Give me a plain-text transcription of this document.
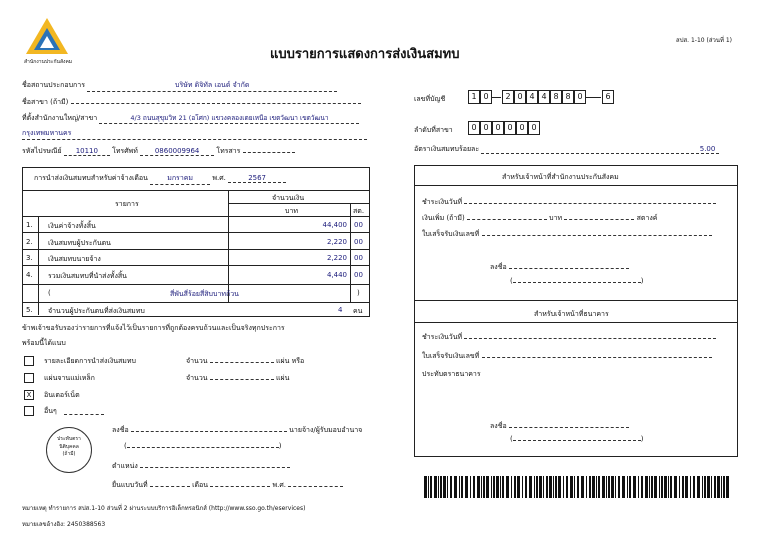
สำนักงานประกันสังคม
สปส. 1-10 (ส่วนที่ 1)
แบบรายการแสดงการส่งเงินสมทบ
ชื่อสถานประกอบการ	บริษัท ดิจิทัล เอนด์ จำกัด
ชื่อสาขา (ถ้ามี)
ที่ตั้งสำนักงานใหญ่/สาขา	4/3 ถนนสุขุมวิท 21 (อโศก) แขวงคลองเตยเหนือ เขตวัฒนา เขตวัฒนา
กรุงเทพมหานคร
รหัสไปรษณีย์ 10110 โทรศัพท์ 0860009964 โทรสาร
การนำส่งเงินสมทบสำหรับค่าจ้างเดือน	มกราคม	พ.ศ.	2567
รายการ
จำนวนเงิน
บาท	สต.
1. เงินค่าจ้างทั้งสิ้น	44,400 00
2. เงินสมทบผู้ประกันตน	2,220 00
3. เงินสมทบนายจ้าง	2,220 00
4. รวมเงินสมทบที่นำส่งทั้งสิ้น	4,440 00
(	สี่พันสี่ร้อยสี่สิบบาทถ้วน	)
5. จำนวนผู้ประกันตนที่ส่งเงินสมทบ	4 คน
ข้าพเจ้าขอรับรองว่ารายการที่แจ้งไว้เป็นรายการที่ถูกต้องครบถ้วนและเป็นจริงทุกประการ
พร้อมนี้ได้แนบ
รายละเอียดการนำส่งเงินสมทบ	จำนวน	แผ่น หรือ
แผ่นจานแม่เหล็ก	จำนวน	แผ่น
X	อินเตอร์เน็ต
อื่นๆ
ประทับตรา
นิติบุคคล
(ถ้ามี)
ลงชื่อ	นายจ้าง/ผู้รับมอบอำนาจ
(	)
ตำแหน่ง
ยื่นแบบวันที่	เดือน	พ.ศ.
หมายเหตุ ทำรายการ สปส.1-10 ส่วนที่ 2 ผ่านระบบบริการอิเล็กทรอนิกส์ (http://www.sso.go.th/eservices)
หมายเลขอ้างอิง: 2450388563
เลขที่บัญชี	1 0	2 0 4 4 8 8 0	6
ลำดับที่สาขา	0 0 0 0 0 0
อัตราเงินสมทบร้อยละ	5.00
สำหรับเจ้าหน้าที่สำนักงานประกันสังคม
ชำระเงินวันที่
เงินเพิ่ม (ถ้ามี)	บาท	สตางค์
ใบเสร็จรับเงินเลขที่
ลงชื่อ
(	)
สำหรับเจ้าหน้าที่ธนาคาร
ชำระเงินวันที่
ใบเสร็จรับเงินเลขที่
ประทับตราธนาคาร
ลงชื่อ
(	)
